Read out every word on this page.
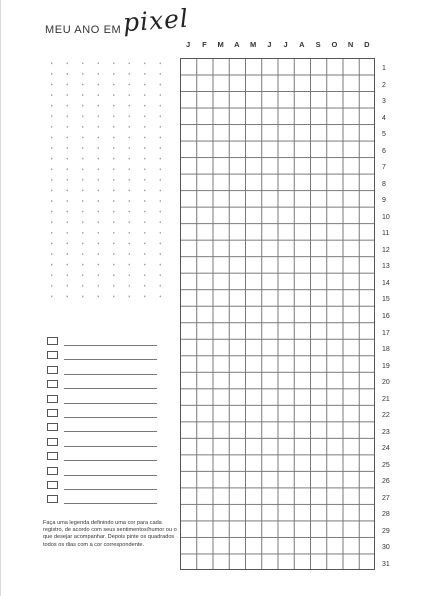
MEU ANO EM pixel
J	F	M	A	M	J	J	A	S	O	N	D
1
2
3
4
5
6
7
8
9
10
11
12
13
14
15
16
17
18
19
20
21
22
23
24
25
26
27
28
29
30
31
Faça uma legenda definindo uma cor para cada registro, de acordo com seus sentimentos/humor ou o que desejar acompanhar. Depois pinte os quadrados todos os dias com a cor correspondente.
